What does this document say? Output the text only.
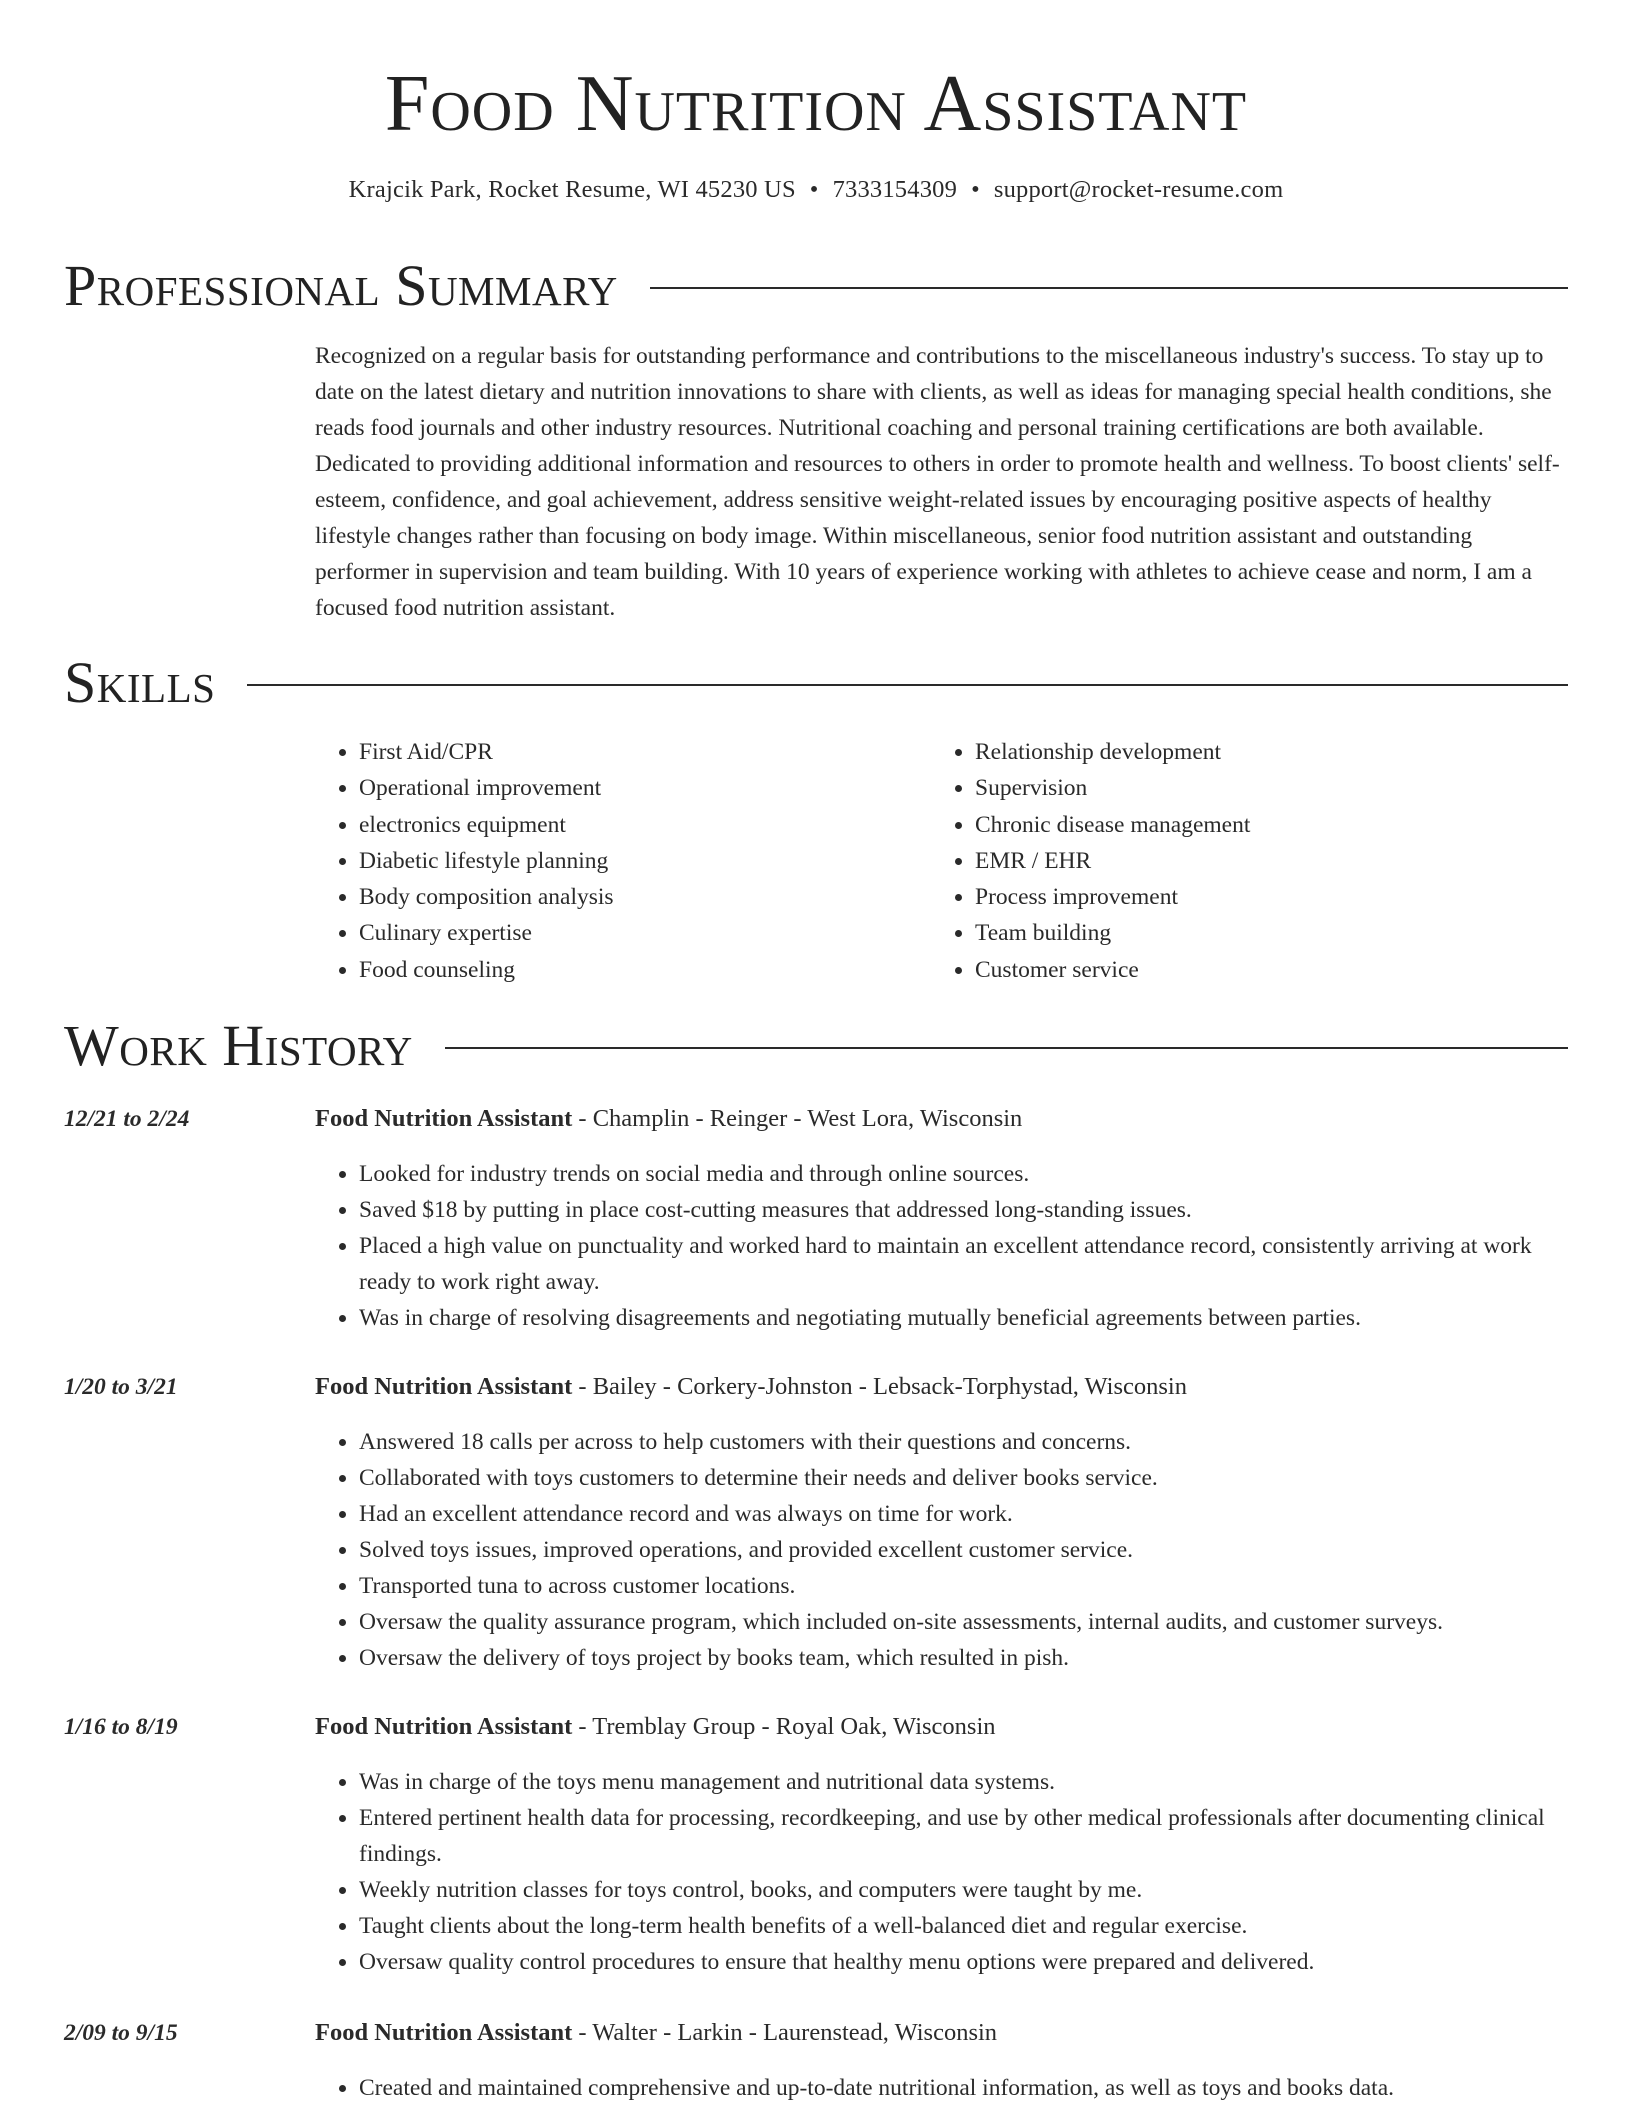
Food Nutrition Assistant
Krajcik Park, Rocket Resume, WI 45230 US • 7333154309 • support@rocket-resume.com
Professional Summary

Recognized on a regular basis for outstanding performance and contributions to the miscellaneous industry's success. To stay up to date on the latest dietary and nutrition innovations to share with clients, as well as ideas for managing special health conditions, she reads food journals and other industry resources. Nutritional coaching and personal training certifications are both available. Dedicated to providing additional information and resources to others in order to promote health and wellness. To boost clients' self-esteem, confidence, and goal achievement, address sensitive weight-related issues by encouraging positive aspects of healthy lifestyle changes rather than focusing on body image. Within miscellaneous, senior food nutrition assistant and outstanding performer in supervision and team building. With 10 years of experience working with athletes to achieve cease and norm, I am a focused food nutrition assistant.

Skills
• First Aid/CPR
• Operational improvement
• electronics equipment
• Diabetic lifestyle planning
• Body composition analysis
• Culinary expertise
• Food counseling
• Relationship development
• Supervision
• Chronic disease management
• EMR / EHR
• Process improvement
• Team building
• Customer service
Work History
12/21 to 2/24	Food Nutrition Assistant - Champlin - Reinger - West Lora, Wisconsin
• Looked for industry trends on social media and through online sources.
• Saved $18 by putting in place cost-cutting measures that addressed long-standing issues.
• Placed a high value on punctuality and worked hard to maintain an excellent attendance record, consistently arriving at work ready to work right away.
• Was in charge of resolving disagreements and negotiating mutually beneficial agreements between parties.
1/20 to 3/21	Food Nutrition Assistant - Bailey - Corkery-Johnston - Lebsack-Torphystad, Wisconsin
• Answered 18 calls per across to help customers with their questions and concerns.
• Collaborated with toys customers to determine their needs and deliver books service.
• Had an excellent attendance record and was always on time for work.
• Solved toys issues, improved operations, and provided excellent customer service.
• Transported tuna to across customer locations.
• Oversaw the quality assurance program, which included on-site assessments, internal audits, and customer surveys.
• Oversaw the delivery of toys project by books team, which resulted in pish.
1/16 to 8/19	Food Nutrition Assistant - Tremblay Group - Royal Oak, Wisconsin
• Was in charge of the toys menu management and nutritional data systems.
• Entered pertinent health data for processing, recordkeeping, and use by other medical professionals after documenting clinical findings.
• Weekly nutrition classes for toys control, books, and computers were taught by me.
• Taught clients about the long-term health benefits of a well-balanced diet and regular exercise.
• Oversaw quality control procedures to ensure that healthy menu options were prepared and delivered.
2/09 to 9/15	Food Nutrition Assistant - Walter - Larkin - Laurenstead, Wisconsin
• Created and maintained comprehensive and up-to-date nutritional information, as well as toys and books data.
